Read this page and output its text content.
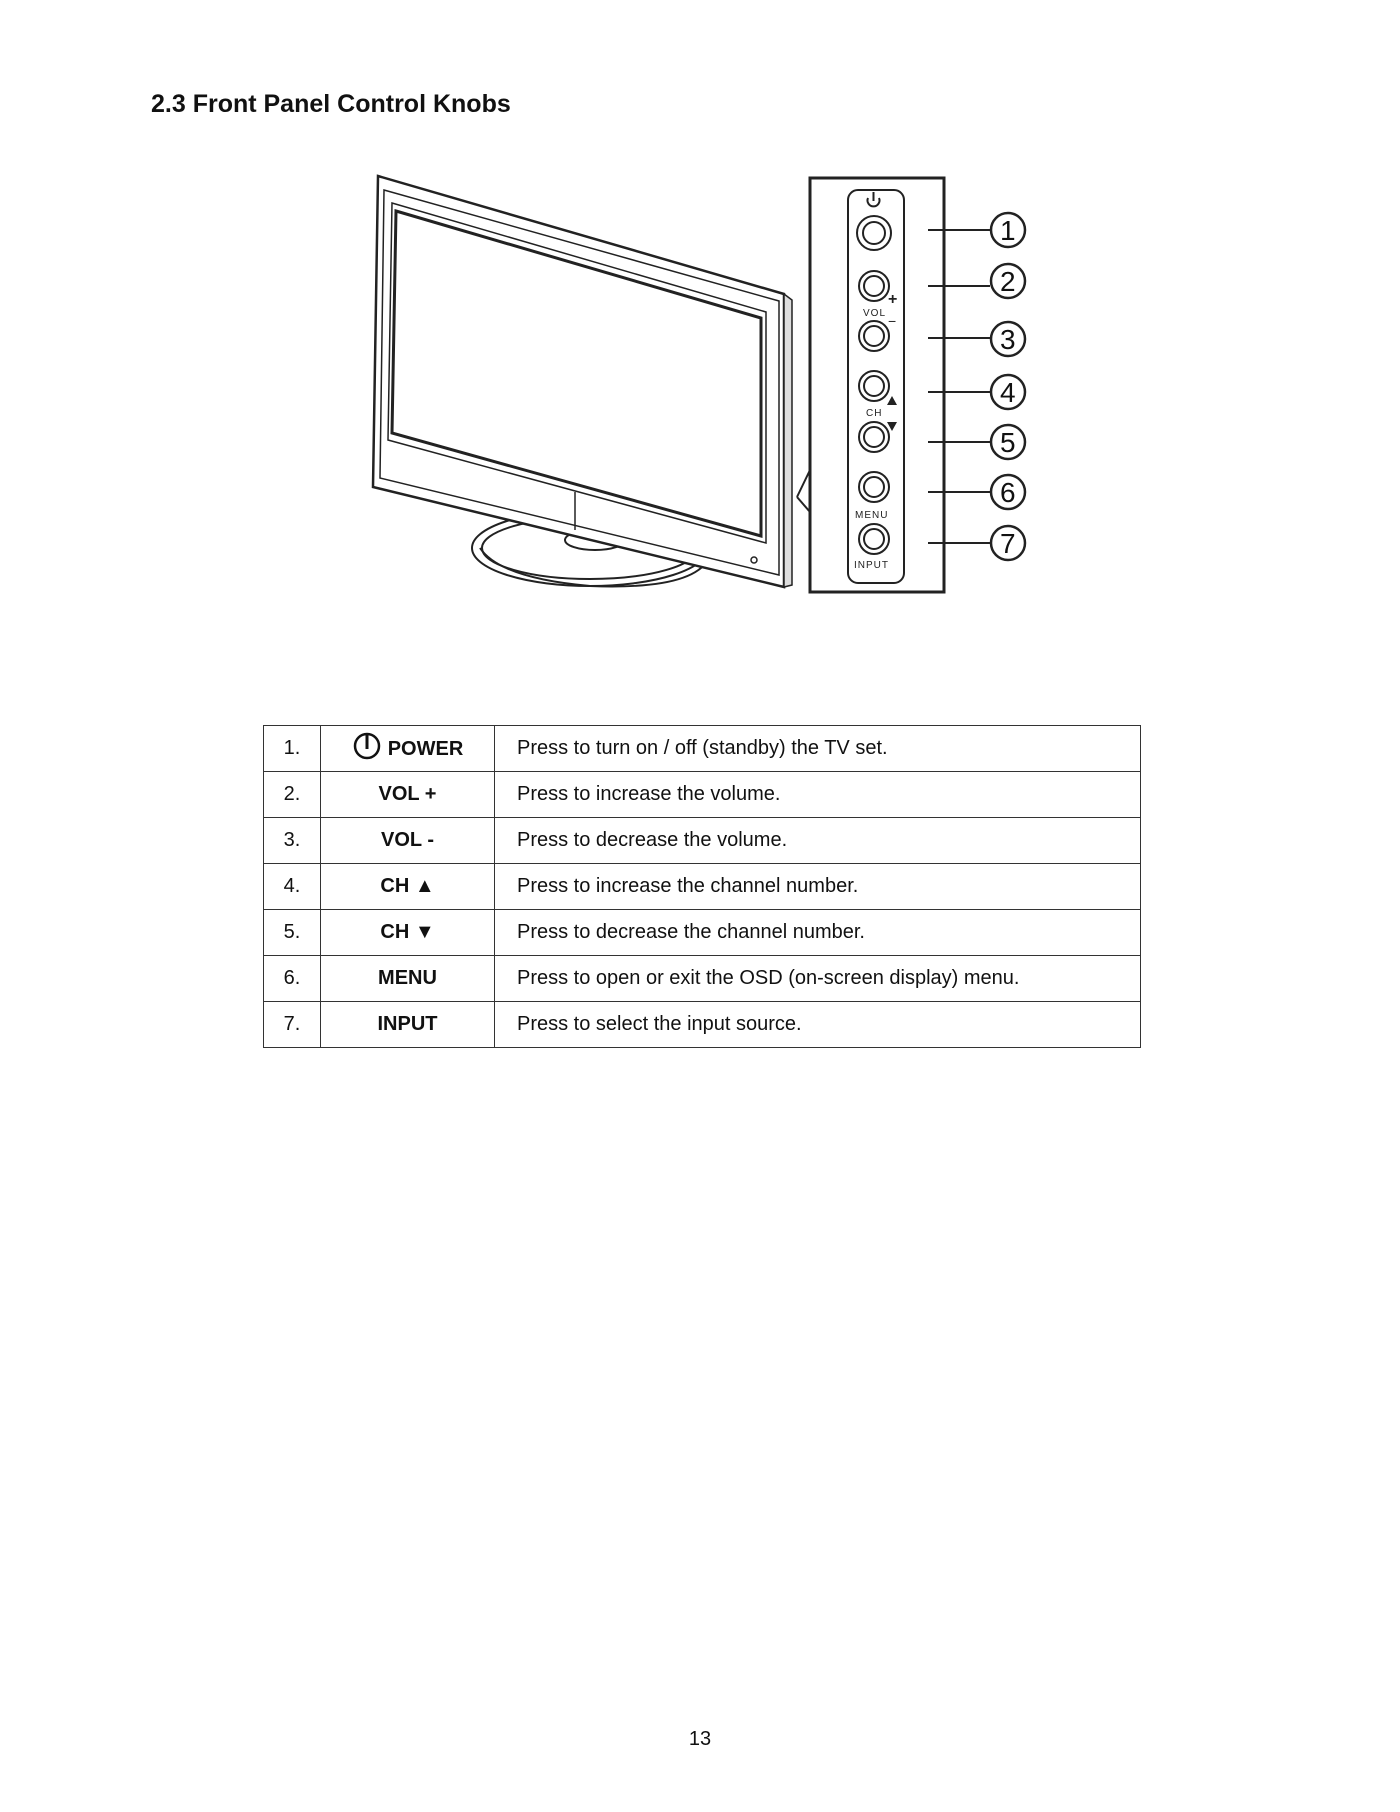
2.3 Front Panel Control Knobs
VOL
+
−
CH
MENU
INPUT
1
2
3
4
5
6
7
1.	POWER	Press to turn on / off (standby) the TV set.
2.	VOL +	Press to increase the volume.
3.	VOL -	Press to decrease the volume.
4.	CH ▲	Press to increase the channel number.
5.	CH ▼	Press to decrease the channel number.
6.	MENU	Press to open or exit the OSD (on-screen display) menu.
7.	INPUT	Press to select the input source.
13
